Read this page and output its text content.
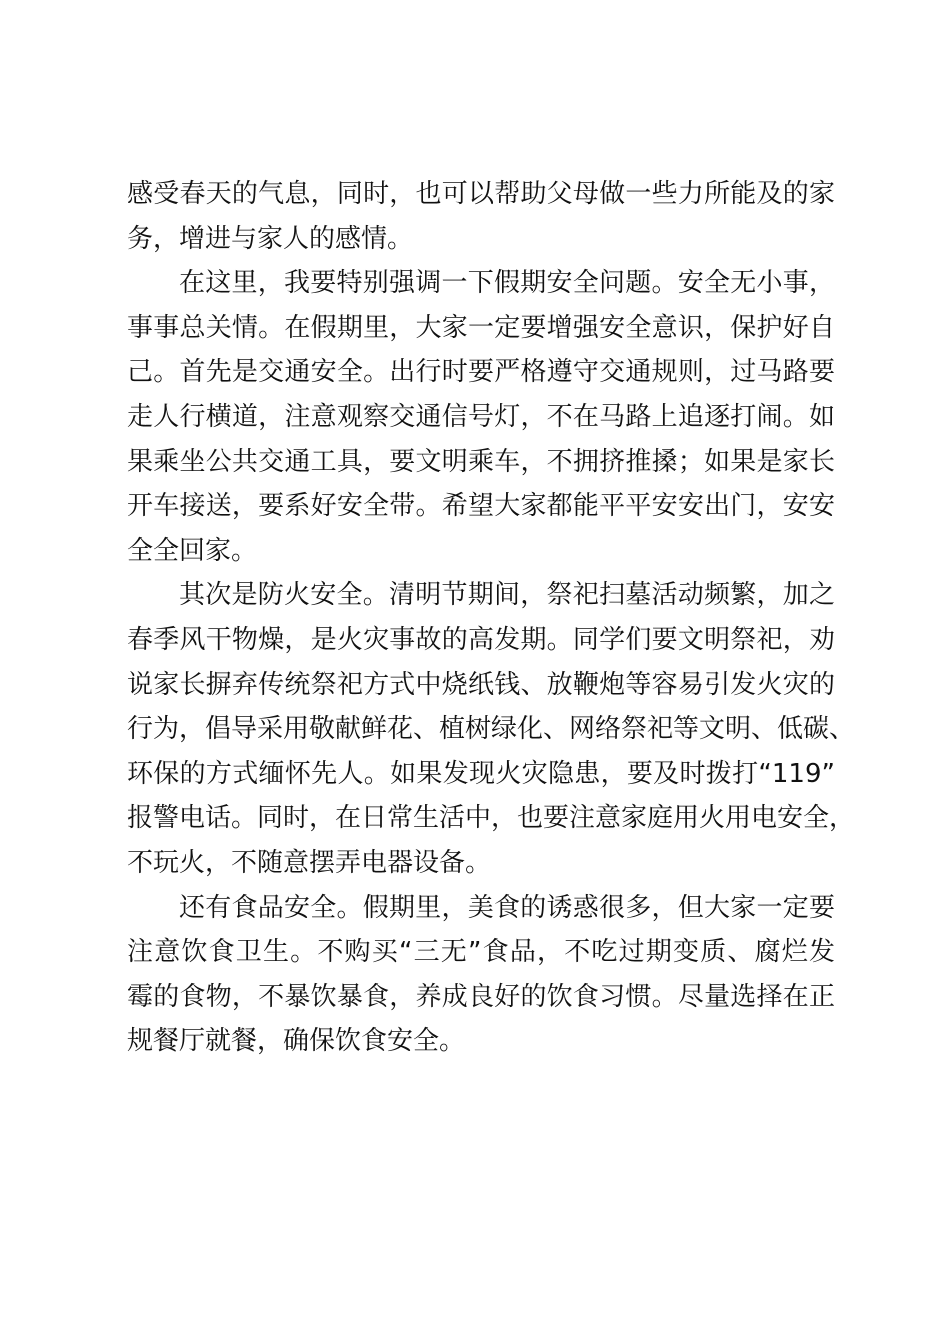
感受春天的气息，同时，也可以帮助父母做一些力所能及的家
务，增进与家人的感情。
在这里，我要特别强调一下假期安全问题。安全无小事，
事事总关情。在假期里，大家一定要增强安全意识，保护好自
己。首先是交通安全。出行时要严格遵守交通规则，过马路要
走人行横道，注意观察交通信号灯，不在马路上追逐打闹。如
果乘坐公共交通工具，要文明乘车，不拥挤推搡；如果是家长
开车接送，要系好安全带。希望大家都能平平安安出门，安安
全全回家。
其次是防火安全。清明节期间，祭祀扫墓活动频繁，加之
春季风干物燥，是火灾事故的高发期。同学们要文明祭祀，劝
说家长摒弃传统祭祀方式中烧纸钱、放鞭炮等容易引发火灾的
行为，倡导采用敬献鲜花、植树绿化、网络祭祀等文明、低碳、
环保的方式缅怀先人。如果发现火灾隐患，要及时拨打“119”
报警电话。同时，在日常生活中，也要注意家庭用火用电安全，
不玩火，不随意摆弄电器设备。
还有食品安全。假期里，美食的诱惑很多，但大家一定要
注意饮食卫生。不购买“三无”食品，不吃过期变质、腐烂发
霉的食物，不暴饮暴食，养成良好的饮食习惯。尽量选择在正
规餐厅就餐，确保饮食安全。
